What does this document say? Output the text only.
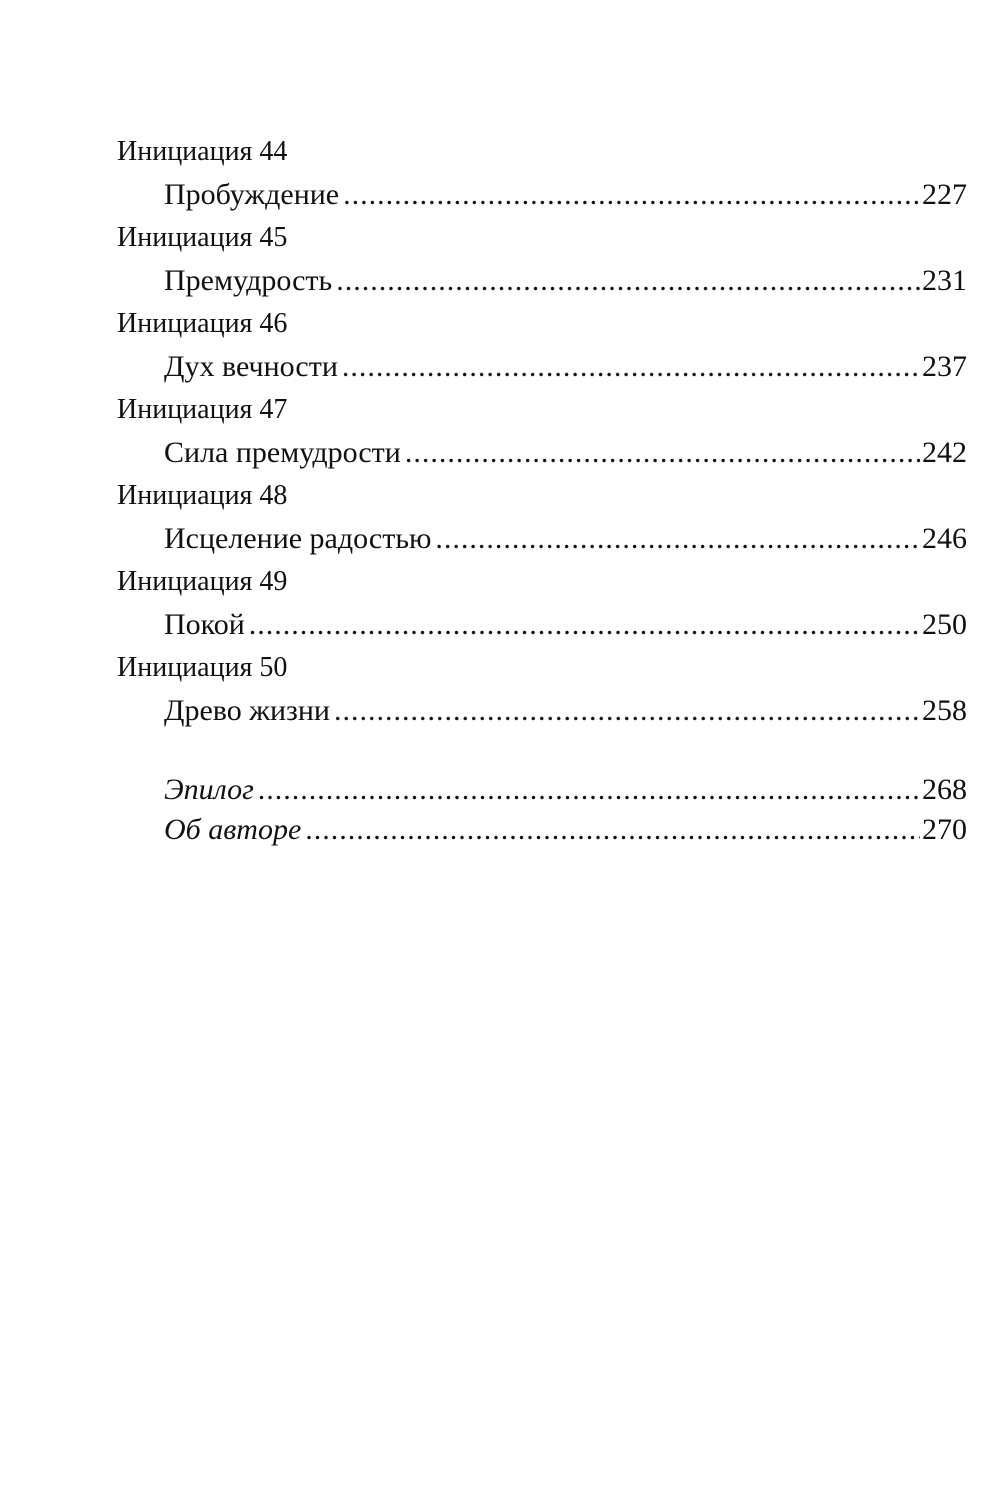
Инициация 44
Пробуждение .....	227
Инициация 45
Премудрость .....	231
Инициация 46
Дух вечности .....	237
Инициация 47
Сила премудрости .....	242
Инициация 48
Исцеление радостью .....	246
Инициация 49
Покой .....	250
Инициация 50
Древо жизни .....	258
Эпилог .....	268
Об авторе .....	270
